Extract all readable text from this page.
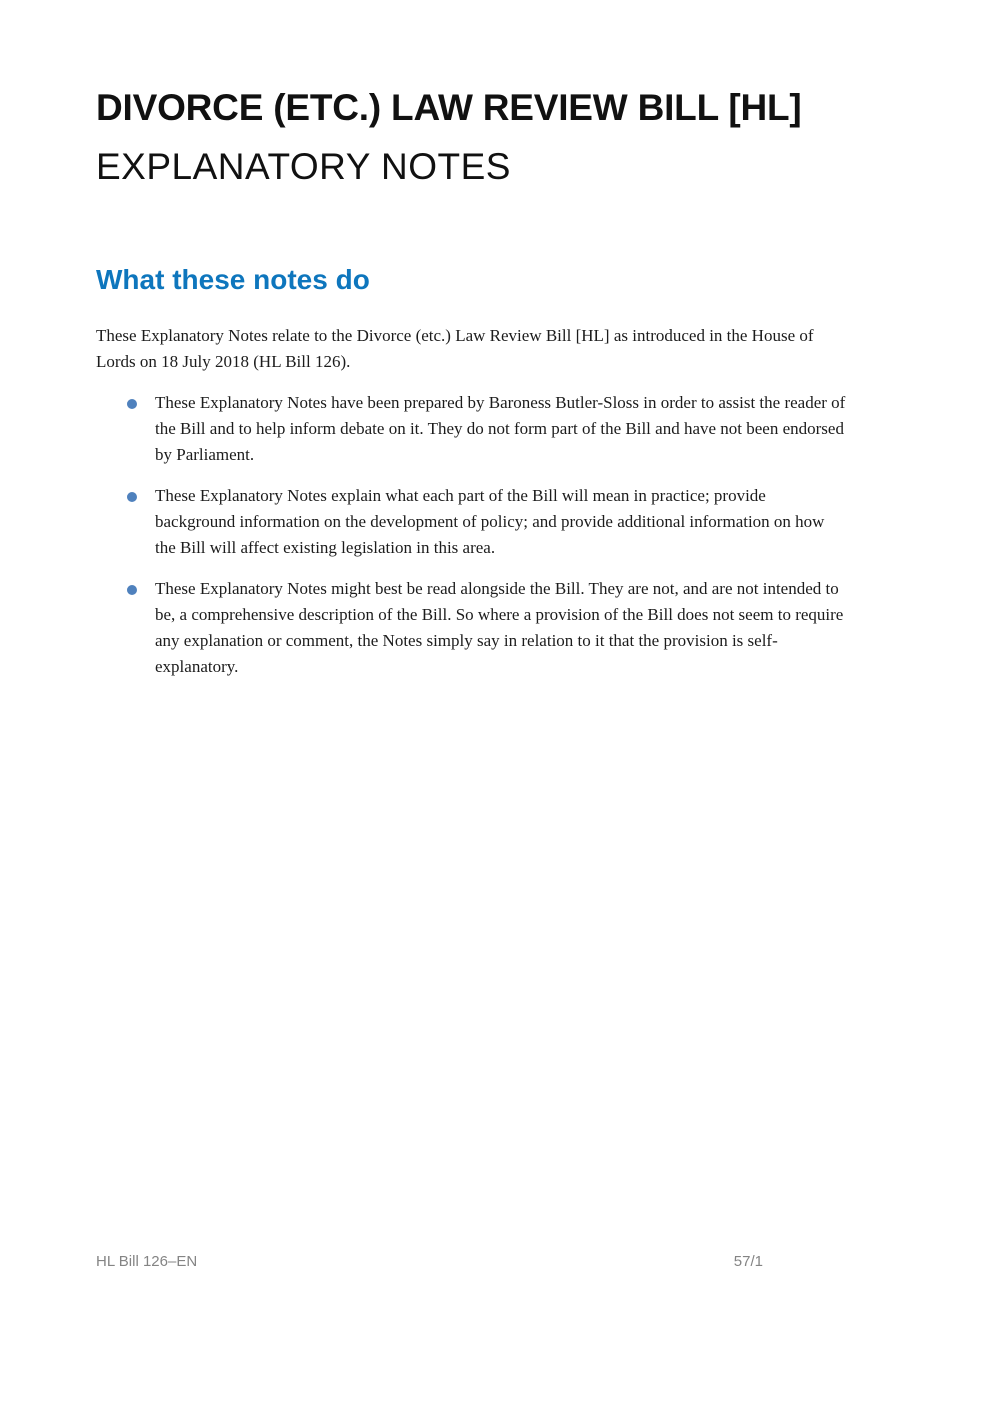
DIVORCE (ETC.) LAW REVIEW BILL [HL]
EXPLANATORY NOTES
What these notes do

These Explanatory Notes relate to the Divorce (etc.) Law Review Bill [HL] as introduced in the House of Lords on 18 July 2018 (HL Bill 126).

These Explanatory Notes have been prepared by Baroness Butler-Sloss in order to assist the reader of the Bill and to help inform debate on it. They do not form part of the Bill and have not been endorsed by Parliament.
These Explanatory Notes explain what each part of the Bill will mean in practice; provide background information on the development of policy; and provide additional information on how the Bill will affect existing legislation in this area.
These Explanatory Notes might best be read alongside the Bill. They are not, and are not intended to be, a comprehensive description of the Bill. So where a provision of the Bill does not seem to require any explanation or comment, the Notes simply say in relation to it that the provision is self-explanatory.
HL Bill 126–EN	57/1
